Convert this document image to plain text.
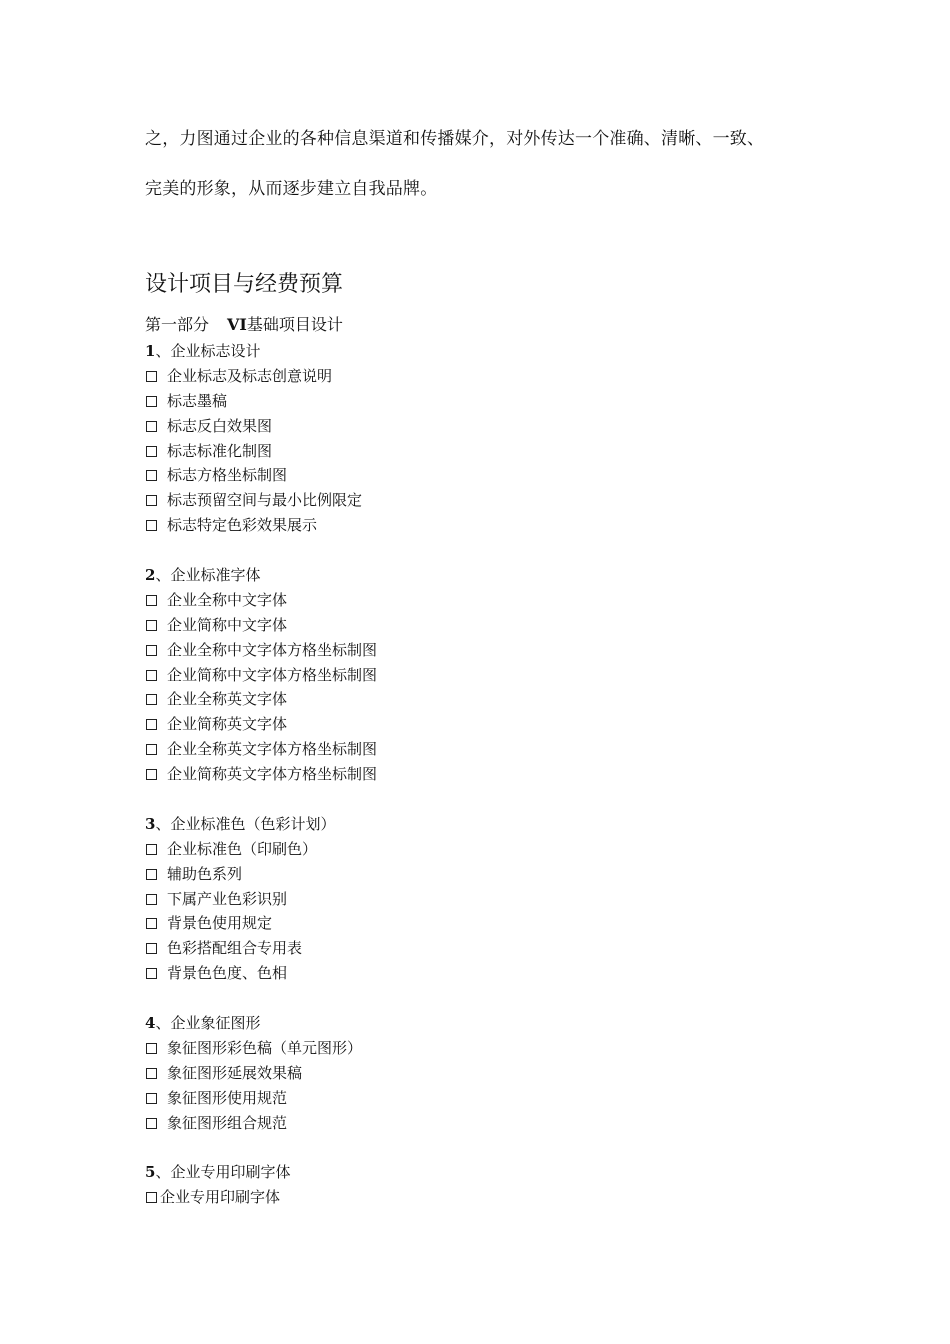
之，力图通过企业的各种信息渠道和传播媒介，对外传达一个准确、清晰、一致、
完美的形象，从而逐步建立自我品牌。
设计项目与经费预算
第一部分 VI基础项目设计
1、企业标志设计
企业标志及标志创意说明
标志墨稿
标志反白效果图
标志标准化制图
标志方格坐标制图
标志预留空间与最小比例限定
标志特定色彩效果展示
2、企业标准字体
企业全称中文字体
企业简称中文字体
企业全称中文字体方格坐标制图
企业简称中文字体方格坐标制图
企业全称英文字体
企业简称英文字体
企业全称英文字体方格坐标制图
企业简称英文字体方格坐标制图
3、企业标准色（色彩计划）
企业标准色（印刷色）
辅助色系列
下属产业色彩识别
背景色使用规定
色彩搭配组合专用表
背景色色度、色相
4、企业象征图形
象征图形彩色稿（单元图形）
象征图形延展效果稿
象征图形使用规范
象征图形组合规范
5、企业专用印刷字体
企业专用印刷字体
